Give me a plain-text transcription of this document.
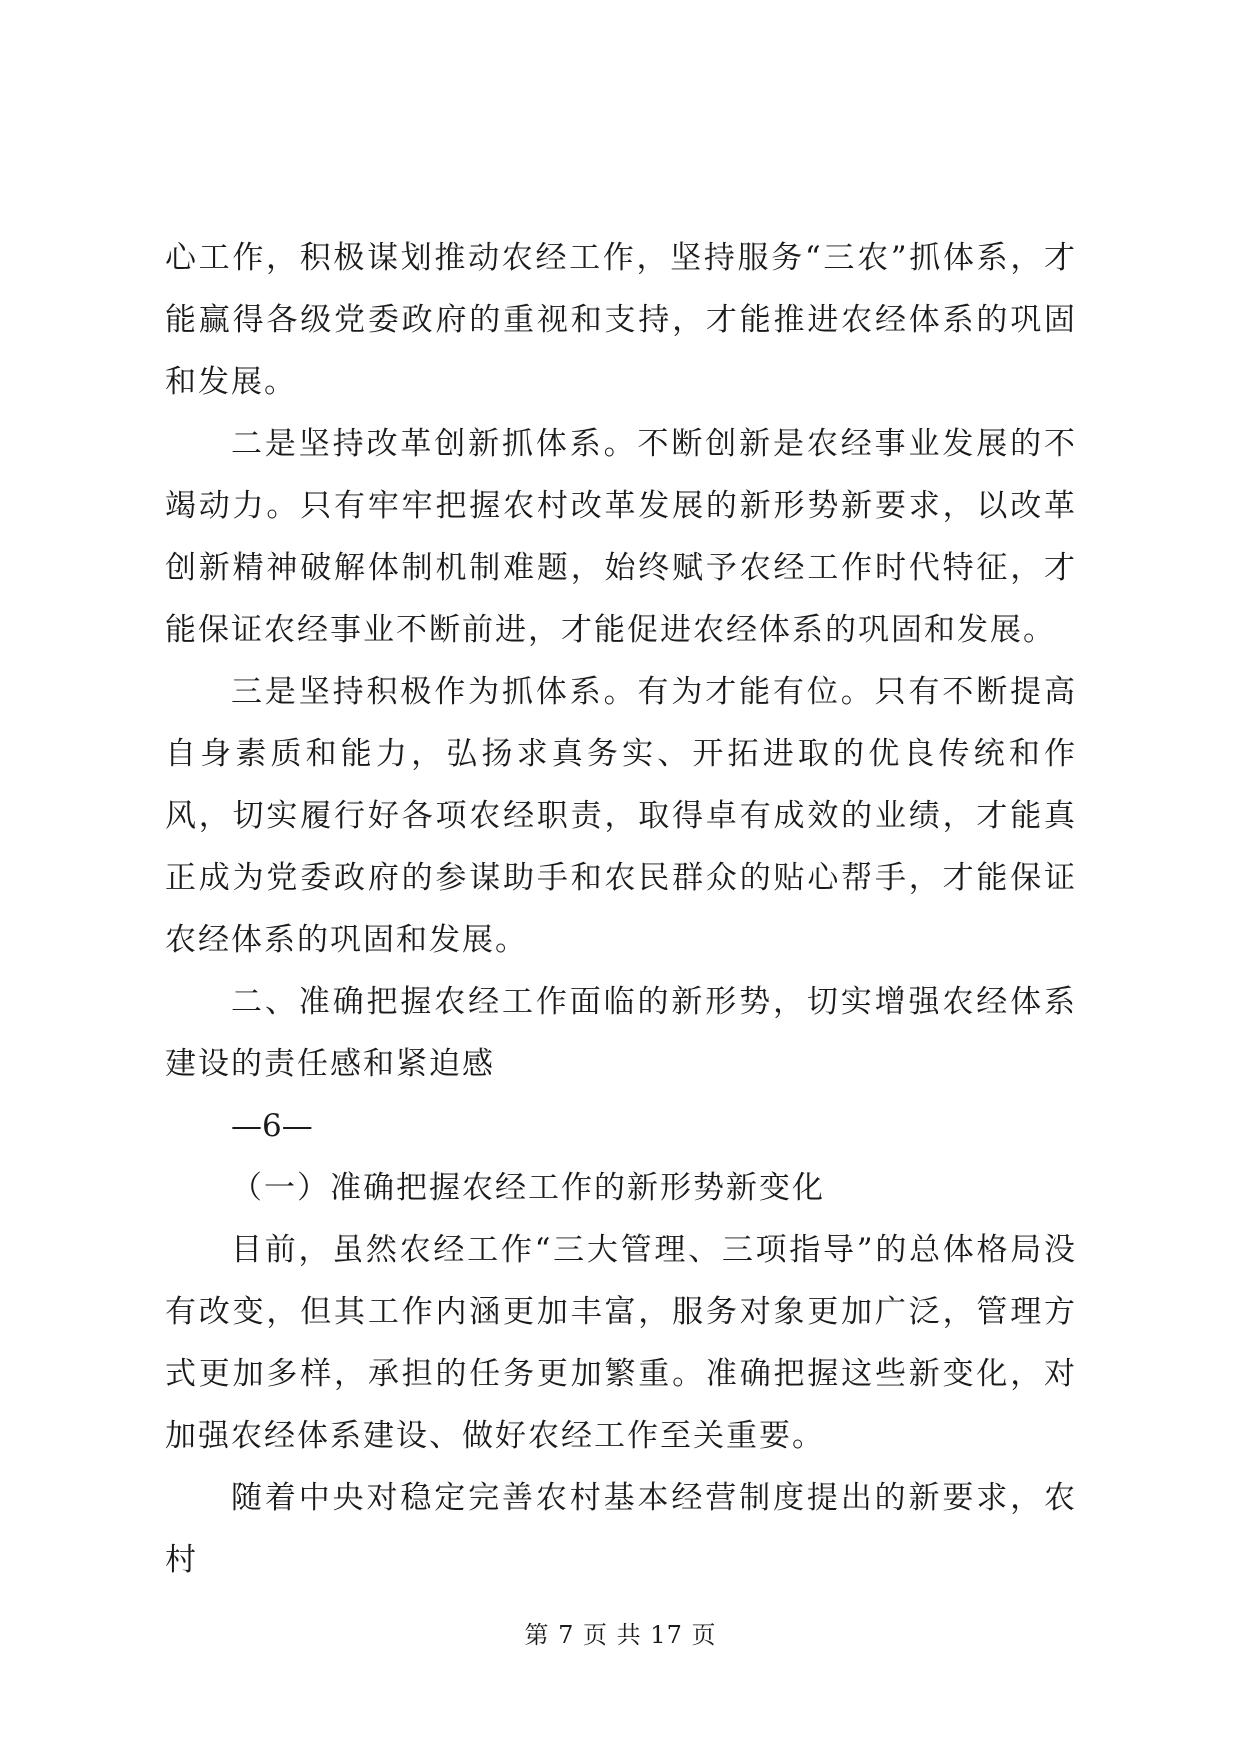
心工作，积极谋划推动农经工作，坚持服务“三农”抓体系，才能赢得各级党委政府的重视和支持，才能推进农经体系的巩固和发展。

二是坚持改革创新抓体系。不断创新是农经事业发展的不竭动力。只有牢牢把握农村改革发展的新形势新要求，以改革创新精神破解体制机制难题，始终赋予农经工作时代特征，才能保证农经事业不断前进，才能促进农经体系的巩固和发展。

三是坚持积极作为抓体系。有为才能有位。只有不断提高自身素质和能力，弘扬求真务实、开拓进取的优良传统和作风，切实履行好各项农经职责，取得卓有成效的业绩，才能真正成为党委政府的参谋助手和农民群众的贴心帮手，才能保证农经体系的巩固和发展。

二、准确把握农经工作面临的新形势，切实增强农经体系建设的责任感和紧迫感

—6—

（一）准确把握农经工作的新形势新变化

目前，虽然农经工作“三大管理、三项指导”的总体格局没有改变，但其工作内涵更加丰富，服务对象更加广泛，管理方式更加多样，承担的任务更加繁重。准确把握这些新变化，对加强农经体系建设、做好农经工作至关重要。

随着中央对稳定完善农村基本经营制度提出的新要求，农村

第 7 页 共 17 页
